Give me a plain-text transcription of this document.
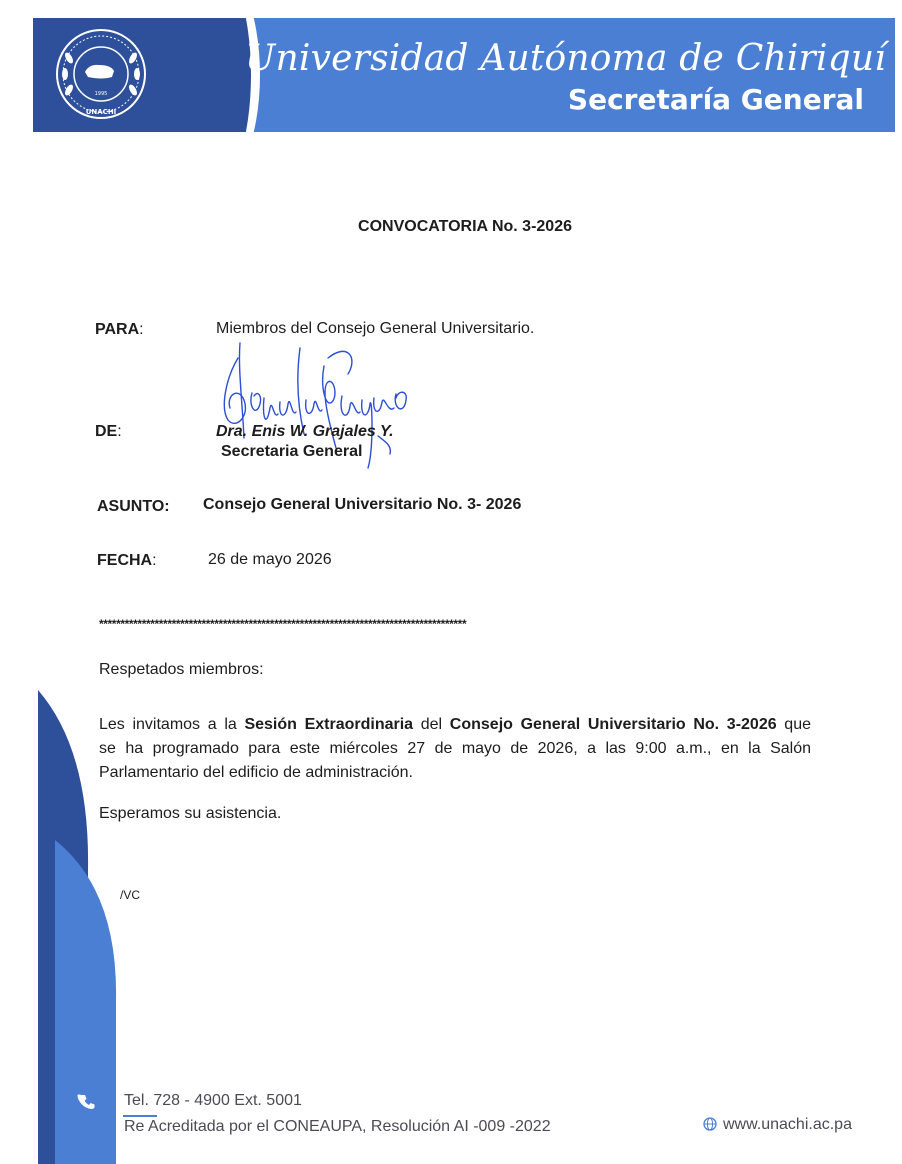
1995
UNACHI
Universidad Autónoma de Chiriquí
Secretaría General
CONVOCATORIA No. 3-2026
PARA:	Miembros del Consejo General Universitario.
DE:	Dra. Enis W. Grajales Y.
Secretaria General
ASUNTO: Consejo General Universitario No. 3- 2026
FECHA:	26 de mayo 2026
**************************************************************************************
Respetados miembros:
Les invitamos a la Sesión Extraordinaria del Consejo General Universitario No. 3-2026 que
se ha programado para este miércoles 27 de mayo de 2026, a las 9:00 a.m., en la Salón
Parlamentario del edificio de administración.
Esperamos su asistencia.
/VC
Tel. 728 - 4900 Ext. 5001
Re Acreditada por el CONEAUPA, Resolución AI -009 -2022	www.unachi.ac.pa
